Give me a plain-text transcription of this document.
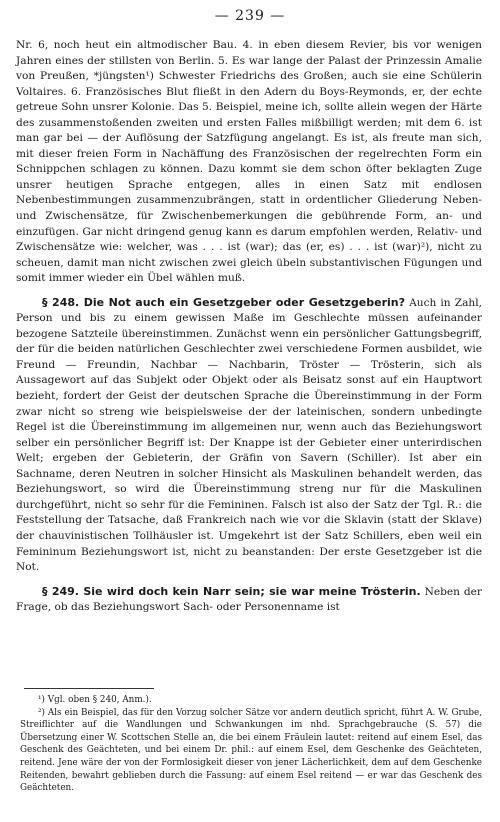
— 239 —

Nr. 6, noch heut ein altmodischer Bau. 4. in eben diesem Revier, bis vor wenigen Jahren eines der stillsten von Berlin. 5. Es war lange der Palast der Prinzessin Amalie von Preußen, *jüngsten¹) Schwester Friedrichs des Großen, auch sie eine Schülerin Voltaires. 6. Französisches Blut fließt in den Adern du Boys-Reymonds, er, der echte getreue Sohn unsrer Kolonie. Das 5. Beispiel, meine ich, sollte allein wegen der Härte des zusammenstoßenden zweiten und ersten Falles mißbilligt werden; mit dem 6. ist man gar bei — der Auflösung der Satzfügung angelangt. Es ist, als freute man sich, mit dieser freien Form in Nachäffung des Französischen der regelrechten Form ein Schnippchen schlagen zu können. Dazu kommt sie dem schon öfter beklagten Zuge unsrer heutigen Sprache entgegen, alles in einen Satz mit endlosen Nebenbestimmungen zusammenzubrängen, statt in ordentlicher Gliederung Neben- und Zwischensätze, für Zwischenbemerkungen die gebührende Form, an- und einzufügen. Gar nicht dringend genug kann es darum empfohlen werden, Relativ- und Zwischensätze wie: welcher, was . . . ist (war); das (er, es) . . . ist (war)²), nicht zu scheuen, damit man nicht zwischen zwei gleich übeln substantivischen Fügungen und somit immer wieder ein Übel wählen muß.

§ 248. Die Not auch ein Gesetzgeber oder Gesetzgeberin? Auch in Zahl, Person und bis zu einem gewissen Maße im Geschlechte müssen aufeinander bezogene Satzteile übereinstimmen. Zunächst wenn ein persönlicher Gattungsbegriff, der für die beiden natürlichen Geschlechter zwei verschiedene Formen ausbildet, wie Freund — Freundin, Nachbar — Nachbarin, Tröster — Trösterin, sich als Aussagewort auf das Subjekt oder Objekt oder als Beisatz sonst auf ein Hauptwort bezieht, fordert der Geist der deutschen Sprache die Übereinstimmung in der Form zwar nicht so streng wie beispielsweise der der lateinischen, sondern unbedingte Regel ist die Übereinstimmung im allgemeinen nur, wenn auch das Beziehungswort selber ein persönlicher Begriff ist: Der Knappe ist der Gebieter einer unterirdischen Welt; ergeben der Gebieterin, der Gräfin von Savern (Schiller). Ist aber ein Sachname, deren Neutren in solcher Hinsicht als Maskulinen behandelt werden, das Beziehungswort, so wird die Übereinstimmung streng nur für die Maskulinen durchgeführt, nicht so sehr für die Femininen. Falsch ist also der Satz der Tgl. R.: die Feststellung der Tatsache, daß Frankreich nach wie vor die Sklavin (statt der Sklave) der chauvinistischen Tollhäusler ist. Umgekehrt ist der Satz Schillers, eben weil ein Femininum Beziehungswort ist, nicht zu beanstanden: Der erste Gesetzgeber ist die Not.

§ 249. Sie wird doch kein Narr sein; sie war meine Trösterin. Neben der Frage, ob das Beziehungswort Sach- oder Personenname ist

¹) Vgl. oben § 240, Anm.).

²) Als ein Beispiel, das für den Vorzug solcher Sätze vor andern deutlich spricht, führt A. W. Grube, Streiflichter auf die Wandlungen und Schwankungen im nhd. Sprachgebrauche (S. 57) die Übersetzung einer W. Scottschen Stelle an, die bei einem Fräulein lautet: reitend auf einem Esel, das Geschenk des Geächteten, und bei einem Dr. phil.: auf einem Esel, dem Geschenke des Geächteten, reitend. Jene wäre der von der Formlosigkeit dieser von jener Lächerlichkeit, dem auf dem Geschenke Reitenden, bewahrt geblieben durch die Fassung: auf einem Esel reitend — er war das Geschenk des Geächteten.
